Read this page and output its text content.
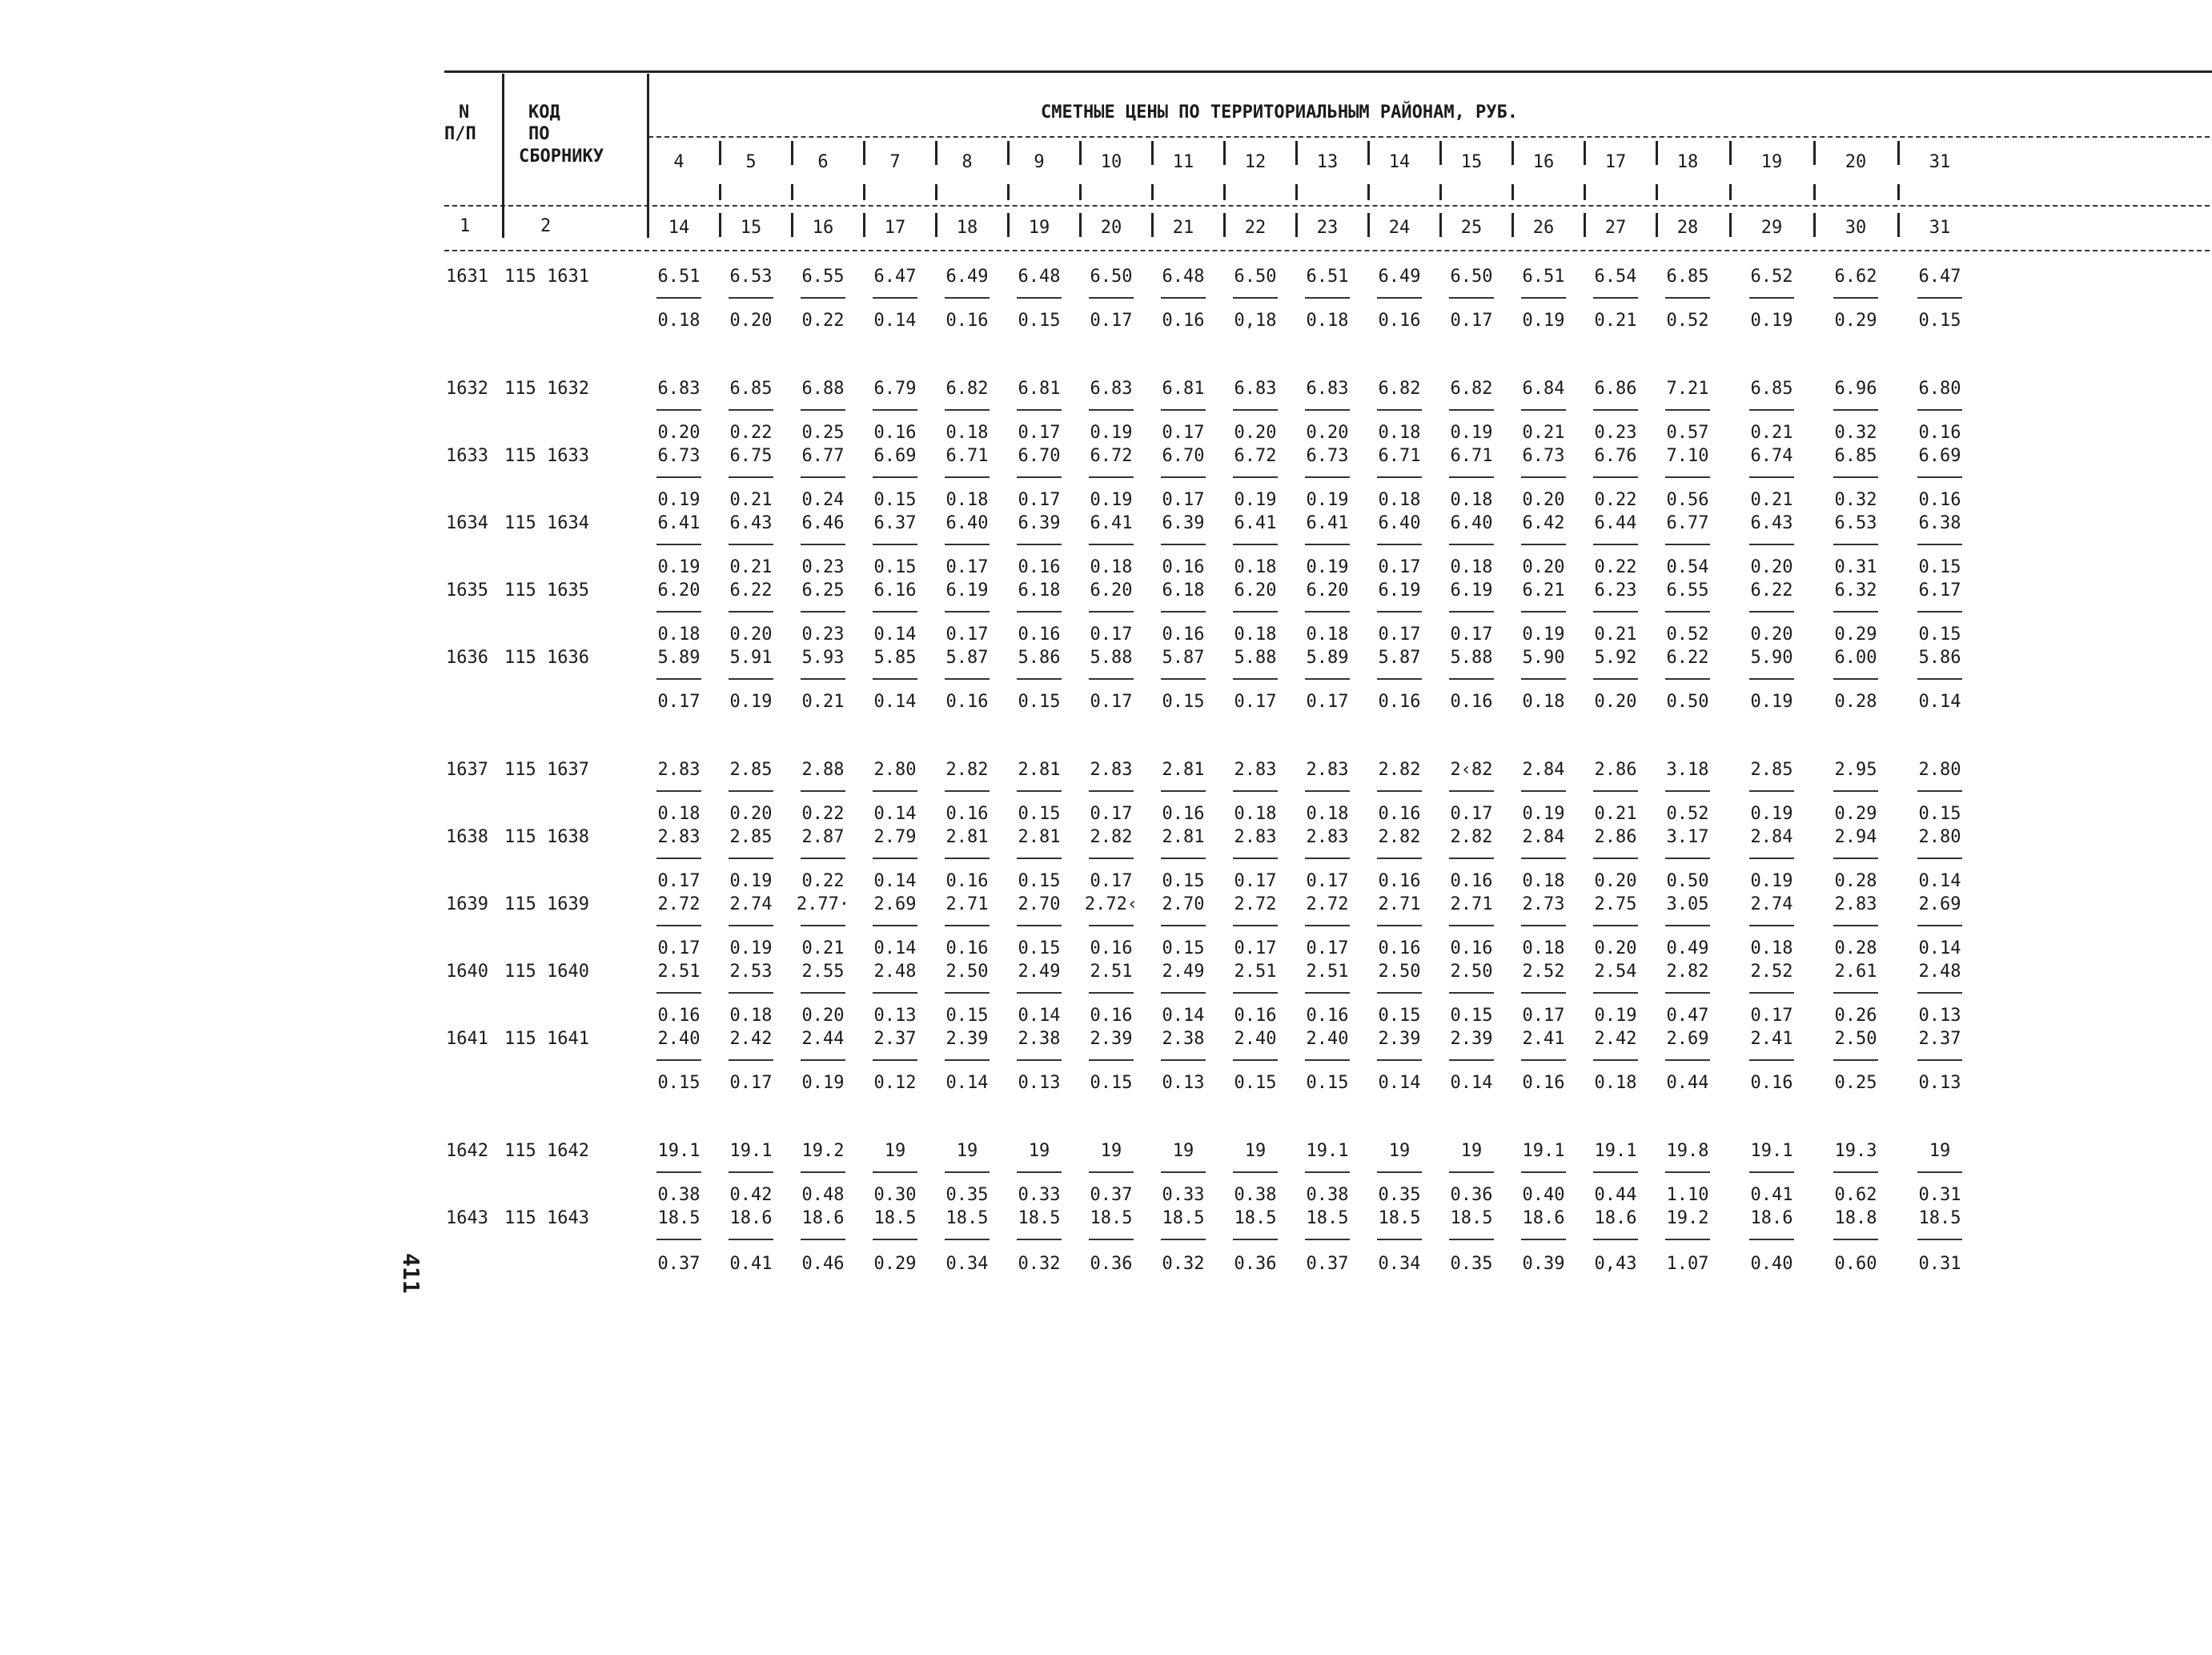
N
П/П
КОД
ПО
СБОРНИКУ
СМЕТНЫЕ ЦЕНЫ ПО ТЕРРИТОРИАЛЬНЫМ РАЙОНАМ, РУБ.
1	2
4	5	6	7	8	9	10	11	12	13	14	15	16	17	18	19	20	31
14	15	16	17	18	19	20	21	22	23	24	25	26	27	28	29	30	31
1631 115 1631	6.51	6.53	6.55	6.47	6.49	6.48	6.50	6.48	6.50	6.51	6.49	6.50	6.51	6.54	6.85	6.52	6.62	6.47
0.18	0.20	0.22	0.14	0.16	0.15	0.17	0.16	0,18	0.18	0.16	0.17	0.19	0.21	0.52	0.19	0.29	0.15
1632 115 1632	6.83	6.85	6.88	6.79	6.82	6.81	6.83	6.81	6.83	6.83	6.82	6.82	6.84	6.86	7.21	6.85	6.96	6.80
0.20	0.22	0.25	0.16	0.18	0.17	0.19	0.17	0.20	0.20	0.18	0.19	0.21	0.23	0.57	0.21	0.32	0.16
1633 115 1633	6.73	6.75	6.77	6.69	6.71	6.70	6.72	6.70	6.72	6.73	6.71	6.71	6.73	6.76	7.10	6.74	6.85	6.69
0.19	0.21	0.24	0.15	0.18	0.17	0.19	0.17	0.19	0.19	0.18	0.18	0.20	0.22	0.56	0.21	0.32	0.16
1634 115 1634	6.41	6.43	6.46	6.37	6.40	6.39	6.41	6.39	6.41	6.41	6.40	6.40	6.42	6.44	6.77	6.43	6.53	6.38
0.19	0.21	0.23	0.15	0.17	0.16	0.18	0.16	0.18	0.19	0.17	0.18	0.20	0.22	0.54	0.20	0.31	0.15
1635 115 1635	6.20	6.22	6.25	6.16	6.19	6.18	6.20	6.18	6.20	6.20	6.19	6.19	6.21	6.23	6.55	6.22	6.32	6.17
0.18	0.20	0.23	0.14	0.17	0.16	0.17	0.16	0.18	0.18	0.17	0.17	0.19	0.21	0.52	0.20	0.29	0.15
1636 115 1636	5.89	5.91	5.93	5.85	5.87	5.86	5.88	5.87	5.88	5.89	5.87	5.88	5.90	5.92	6.22	5.90	6.00	5.86
0.17	0.19	0.21	0.14	0.16	0.15	0.17	0.15	0.17	0.17	0.16	0.16	0.18	0.20	0.50	0.19	0.28	0.14
1637 115 1637	2.83	2.85	2.88	2.80	2.82	2.81	2.83	2.81	2.83	2.83	2.82	2‹82	2.84	2.86	3.18	2.85	2.95	2.80
0.18	0.20	0.22	0.14	0.16	0.15	0.17	0.16	0.18	0.18	0.16	0.17	0.19	0.21	0.52	0.19	0.29	0.15
1638 115 1638	2.83	2.85	2.87	2.79	2.81	2.81	2.82	2.81	2.83	2.83	2.82	2.82	2.84	2.86	3.17	2.84	2.94	2.80
0.17	0.19	0.22	0.14	0.16	0.15	0.17	0.15	0.17	0.17	0.16	0.16	0.18	0.20	0.50	0.19	0.28	0.14
1639 115 1639	2.72	2.74	2.77·	2.69	2.71	2.70	2.72‹	2.70	2.72	2.72	2.71	2.71	2.73	2.75	3.05	2.74	2.83	2.69
0.17	0.19	0.21	0.14	0.16	0.15	0.16	0.15	0.17	0.17	0.16	0.16	0.18	0.20	0.49	0.18	0.28	0.14
1640 115 1640	2.51	2.53	2.55	2.48	2.50	2.49	2.51	2.49	2.51	2.51	2.50	2.50	2.52	2.54	2.82	2.52	2.61	2.48
0.16	0.18	0.20	0.13	0.15	0.14	0.16	0.14	0.16	0.16	0.15	0.15	0.17	0.19	0.47	0.17	0.26	0.13
1641 115 1641	2.40	2.42	2.44	2.37	2.39	2.38	2.39	2.38	2.40	2.40	2.39	2.39	2.41	2.42	2.69	2.41	2.50	2.37
0.15	0.17	0.19	0.12	0.14	0.13	0.15	0.13	0.15	0.15	0.14	0.14	0.16	0.18	0.44	0.16	0.25	0.13
1642 115 1642	19.1	19.1	19.2	19	19	19	19	19	19	19.1	19	19	19.1	19.1	19.8	19.1	19.3	19
0.38	0.42	0.48	0.30	0.35	0.33	0.37	0.33	0.38	0.38	0.35	0.36	0.40	0.44	1.10	0.41	0.62	0.31
1643 115 1643	18.5	18.6	18.6	18.5	18.5	18.5	18.5	18.5	18.5	18.5	18.5	18.5	18.6	18.6	19.2	18.6	18.8	18.5
0.37	0.41	0.46	0.29	0.34	0.32	0.36	0.32	0.36	0.37	0.34	0.35	0.39	0,43	1.07	0.40	0.60	0.31
411
